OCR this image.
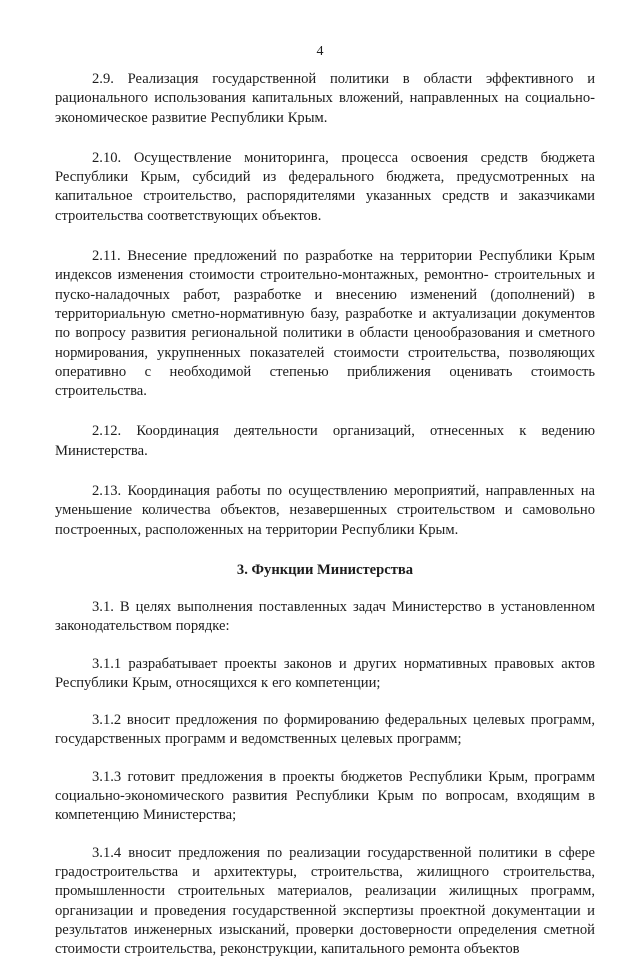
4

2.9. Реализация государственной политики в области эффективного и рационального использования капитальных вложений, направленных на социально-экономическое развитие Республики Крым.

2.10. Осуществление мониторинга, процесса освоения средств бюджета Республики Крым, субсидий из федерального бюджета, предусмотренных на капитальное строительство, распорядителями указанных средств и заказчиками строительства соответствующих объектов.

2.11. Внесение предложений по разработке на территории Республики Крым индексов изменения стоимости строительно-монтажных, ремонтно- строительных и пуско-наладочных работ, разработке и внесению изменений (дополнений) в территориальную сметно-нормативную базу, разработке и актуализации документов по вопросу развития региональной политики в области ценообразования и сметного нормирования, укрупненных показателей стоимости строительства, позволяющих оперативно с необходимой степенью приближения оценивать стоимость строительства.

2.12. Координация деятельности организаций, отнесенных к ведению Министерства.

2.13. Координация работы по осуществлению мероприятий, направленных на уменьшение количества объектов, незавершенных строительством и самовольно построенных, расположенных на территории Республики Крым.

3. Функции Министерства

3.1. В целях выполнения поставленных задач Министерство в установленном законодательством порядке:

3.1.1 разрабатывает проекты законов и других нормативных правовых актов Республики Крым, относящихся к его компетенции;

3.1.2 вносит предложения по формированию федеральных целевых программ, государственных программ и ведомственных целевых программ;

3.1.3 готовит предложения в проекты бюджетов Республики Крым, программ социально-экономического развития Республики Крым по вопросам, входящим в компетенцию Министерства;

3.1.4 вносит предложения по реализации государственной политики в сфере градостроительства и архитектуры, строительства, жилищного строительства, промышленности строительных материалов, реализации жилищных программ, организации и проведения государственной экспертизы проектной документации и результатов инженерных изысканий, проверки достоверности определения сметной стоимости строительства, реконструкции, капитального ремонта объектов
